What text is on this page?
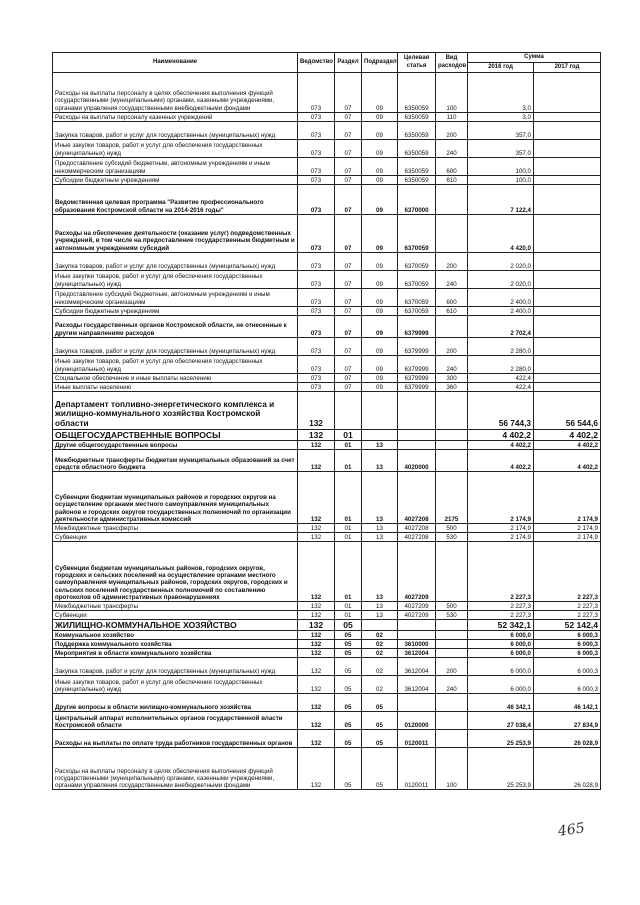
Наименование	Ведомство	Раздел	Подраздел	Целевая статья	Вид расходов	Сумма	
						2016 год	2017 год
Расходы на выплаты персоналу в целях обеспечения выполнения функций государственными (муниципальными) органами, казенными учреждениями, органами управления государственными внебюджетными фондами	073	07	09	6350059	100	3,0	
Расходы на выплаты персоналу казенных учреждений	073	07	09	6350059	110	3,0	
Закупка товаров, работ и услуг для государственных (муниципальных) нужд	073	07	09	6350059	200	357,0	
Иные закупки товаров, работ и услуг для обеспечения государственных (муниципальных) нужд	073	07	09	6350059	240	357,0	
Предоставление субсидий бюджетным, автономным учреждениям и иным некоммерческим организациям	073	07	09	6350059	600	100,0	
Субсидии бюджетным учреждениям	073	07	09	6350059	610	100,0	
Ведомственная целевая программа "Развитие профессионального образования Костромской области на 2014-2016 годы"	073	07	09	6370000		7 122,4	
Расходы на обеспечение деятельности (оказание услуг) подведомственных учреждений, в том числе на предоставление государственным бюджетным и автономным учреждениям субсидий	073	07	09	6370059		4 420,0	
Закупка товаров, работ и услуг для государственных (муниципальных) нужд	073	07	09	6370059	200	2 020,0	
Иные закупки товаров, работ и услуг для обеспечения государственных (муниципальных) нужд	073	07	09	6370059	240	2 020,0	
Предоставление субсидий бюджетным, автономным учреждениям и иным некоммерческим организациям	073	07	09	6370059	600	2 400,0	
Субсидии бюджетным учреждениям	073	07	09	6370059	610	2 400,0	
Расходы государственных органов Костромской области, не отнесенные к другим направлениям расходов	073	07	09	6379999		2 702,4	
Закупка товаров, работ и услуг для государственных (муниципальных) нужд	073	07	09	6379999	200	2 280,0	
Иные закупки товаров, работ и услуг для обеспечения государственных (муниципальных) нужд	073	07	09	6379999	240	2 280,0	
Социальное обеспечение и иные выплаты населению	073	07	09	6379999	300	422,4	
Иные выплаты населению	073	07	09	6379999	360	422,4	
Департамент топливно-энергетического комплекса и жилищно-коммунального хозяйства Костромской области	132					56 744,3	56 544,6
ОБЩЕГОСУДАРСТВЕННЫЕ ВОПРОСЫ	132	01				4 402,2	4 402,2
Другие общегосударственные вопросы	132	01	13			4 402,2	4 402,2
Межбюджетные трансферты бюджетам муниципальных образований за счет средств областного бюджета	132	01	13	4020000		4 402,2	4 402,2
Субвенции бюджетам муниципальных районов и городских округов на осуществление органами местного самоуправления муниципальных районов и городских округов государственных полномочий по организации деятельности административных комиссий	132	01	13	4027208	2175	2 174,9	2 174,9
Межбюджетные трансферты	132	01	13	4027208	500	2 174,9	2 174,9
Субвенции	132	01	13	4027208	530	2 174,9	2 174,9
Субвенции бюджетам муниципальных районов, городских округов, городских и сельских поселений на осуществление органами местного самоуправления муниципальных районов, городских округов, городских и сельских поселений государственных полномочий по составлению протоколов об административных правонарушениях	132	01	13	4027209		2 227,3	2 227,3
Межбюджетные трансферты	132	01	13	4027209	500	2 227,3	2 227,3
Субвенции	132	01	13	4027209	530	2 227,3	2 227,3
ЖИЛИЩНО-КОММУНАЛЬНОЕ ХОЗЯЙСТВО	132	05				52 342,1	52 142,4
Коммунальное хозяйство	132	05	02			6 000,0	6 000,3
Поддержка коммунального хозяйства	132	05	02	3610000		6 000,0	6 000,3
Мероприятия в области коммунального хозяйства	132	05	02	3612004		6 000,0	6 000,3
Закупка товаров, работ и услуг для государственных (муниципальных) нужд	132	05	02	3612004	200	6 000,0	6 000,3
Иные закупки товаров, работ и услуг для обеспечения государственных (муниципальных) нужд	132	05	02	3612004	240	6 000,0	6 000,3
Другие вопросы в области жилищно-коммунального хозяйства	132	05	05			46 342,1	46 142,1
Центральный аппарат исполнительных органов государственной власти Костромской области	132	05	05	0120000		27 038,4	27 834,9
Расходы на выплаты по оплате труда работников государственных органов	132	05	05	0120011		25 253,9	26 028,9
Расходы на выплаты персоналу в целях обеспечения выполнения функций государственными (муниципальными) органами, казенными учреждениями, органами управления государственными внебюджетными фондами	132	05	05	0120011	100	25 253,9	26 028,9
465
